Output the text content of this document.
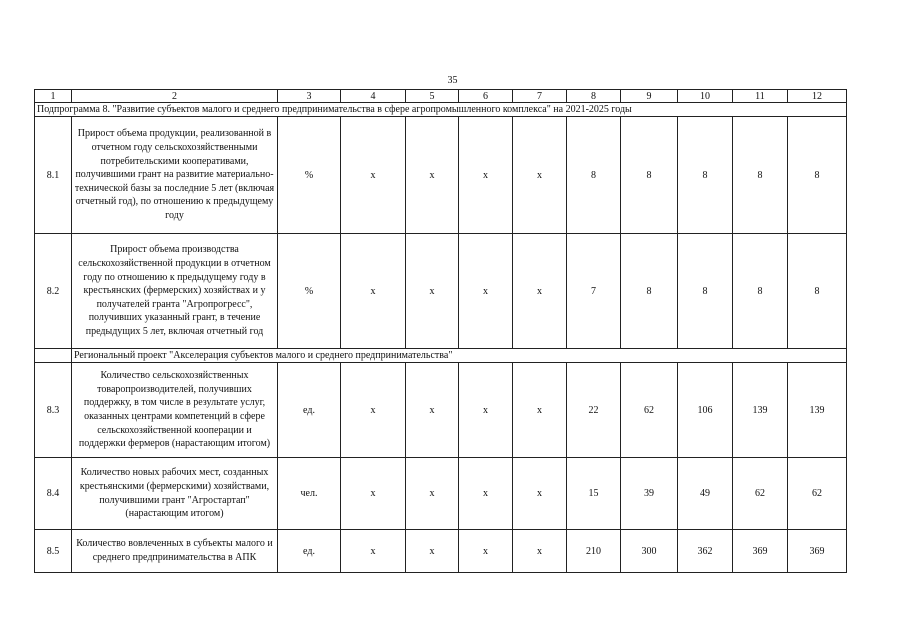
35
1	2	3	4	5	6	7	8	9	10	11	12
Подпрограмма 8. "Развитие субъектов малого и среднего предпринимательства в сфере агропромышленного комплекса" на 2021-2025 годы											
8.1	Прирост объема продукции, реализованной в отчетном году сельскохозяйственными потребительскими кооперативами, получившими грант на развитие материально-технической базы за последние 5 лет (включая отчетный год), по отношению к предыдущему году	%	х	х	х	х	8	8	8	8	8
8.2	Прирост объема производства сельскохозяйственной продукции в отчетном году по отношению к предыдущему году в крестьянских (фермерских) хозяйствах и у получателей гранта "Агропрогресс", получивших указанный грант, в течение предыдущих 5 лет, включая отчетный год	%	х	х	х	х	7	8	8	8	8
	Региональный проект "Акселерация субъектов малого и среднего предпринимательства"										
8.3	Количество сельскохозяйственных товаропроизводителей, получивших поддержку, в том числе в результате услуг, оказанных центрами компетенций в сфере сельскохозяйственной кооперации и поддержки фермеров (нарастающим итогом)	ед.	х	х	х	х	22	62	106	139	139
8.4	Количество новых рабочих мест, созданных крестьянскими (фермерскими) хозяйствами, получившими грант "Агростартап" (нарастающим итогом)	чел.	х	х	х	х	15	39	49	62	62
8.5	Количество вовлеченных в субъекты малого и среднего предпринимательства в АПК	ед.	х	х	х	х	210	300	362	369	369
